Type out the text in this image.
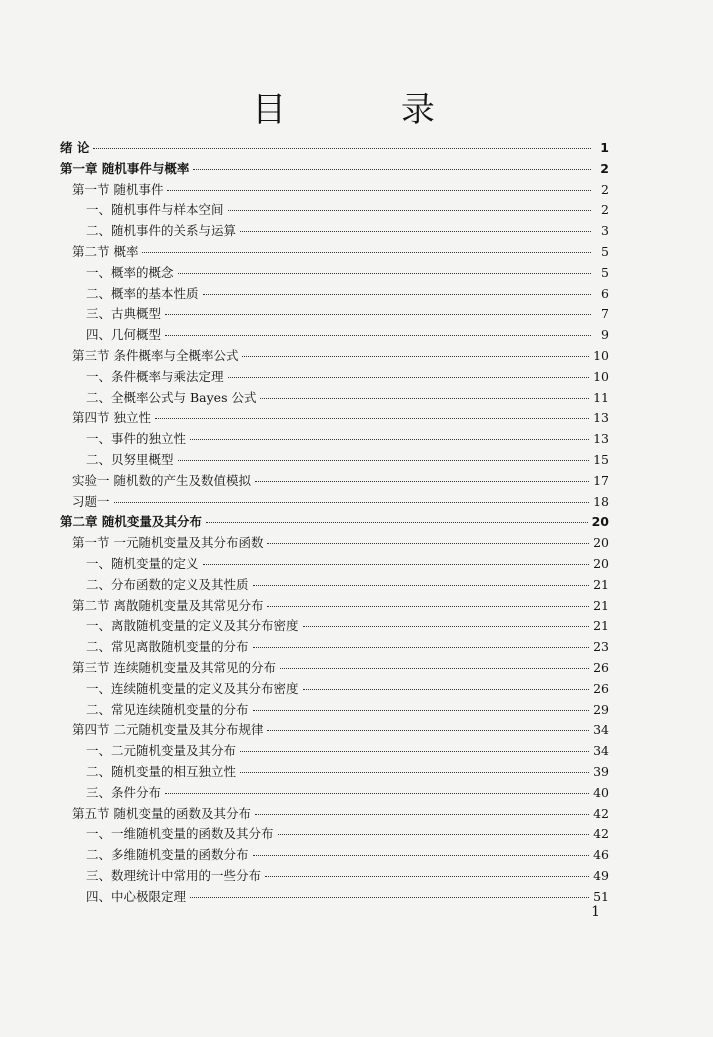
目 录
绪 论	1
第一章 随机事件与概率	2
第一节 随机事件	2
一、随机事件与样本空间	2
二、随机事件的关系与运算	3
第二节 概率	5
一、概率的概念	5
二、概率的基本性质	6
三、古典概型	7
四、几何概型	9
第三节 条件概率与全概率公式	10
一、条件概率与乘法定理	10
二、全概率公式与 Bayes 公式	11
第四节 独立性	13
一、事件的独立性	13
二、贝努里概型	15
实验一 随机数的产生及数值模拟	17
习题一	18
第二章 随机变量及其分布	20
第一节 一元随机变量及其分布函数	20
一、随机变量的定义	20
二、分布函数的定义及其性质	21
第二节 离散随机变量及其常见分布	21
一、离散随机变量的定义及其分布密度	21
二、常见离散随机变量的分布	23
第三节 连续随机变量及其常见的分布	26
一、连续随机变量的定义及其分布密度	26
二、常见连续随机变量的分布	29
第四节 二元随机变量及其分布规律	34
一、二元随机变量及其分布	34
二、随机变量的相互独立性	39
三、条件分布	40
第五节 随机变量的函数及其分布	42
一、一维随机变量的函数及其分布	42
二、多维随机变量的函数分布	46
三、数理统计中常用的一些分布	49
四、中心极限定理	51
1
